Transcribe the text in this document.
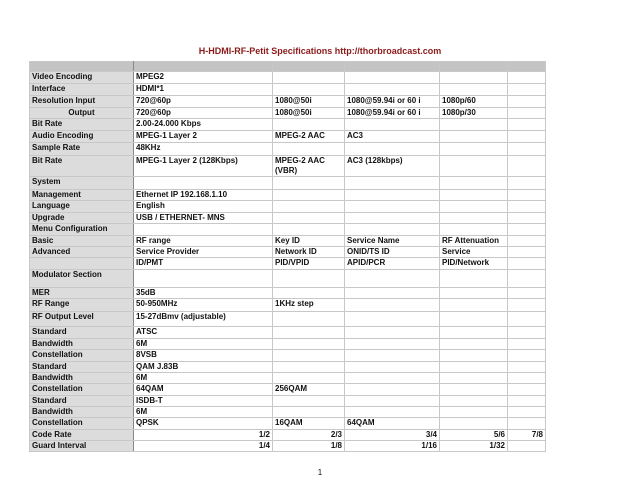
H-HDMI-RF-Petit Specifications http://thorbroadcast.com

Video Encoding	MPEG2				
Interface	HDMI*1				
Resolution Input	720@60p	1080@50i	1080@59.94i or 60 i	1080p/60	
Output	720@60p	1080@50i	1080@59.94i or 60 i	1080p/30	
Bit Rate	2.00-24.000 Kbps				
Audio Encoding	MPEG-1 Layer 2	MPEG-2 AAC	AC3		
Sample Rate	48KHz				
Bit Rate	MPEG-1 Layer 2 (128Kbps)	MPEG-2 AAC (VBR)	AC3 (128kbps)		
System					
Management	Ethernet IP 192.168.1.10				
Language	English				
Upgrade	USB / ETHERNET- MNS				
Menu Configuration					
Basic	RF range	Key ID	Service Name	RF Attenuation	
Advanced	Service Provider	Network ID	ONID/TS ID	Service	
	ID/PMT	PID/VPID	APID/PCR	PID/Network	
Modulator Section					
MER	35dB				
RF Range	50-950MHz	1KHz step			
RF Output Level	15-27dBmv (adjustable)				
Standard	ATSC				
Bandwidth	6M				
Constellation	8VSB				
Standard	QAM J.83B				
Bandwidth	6M				
Constellation	64QAM	256QAM			
Standard	ISDB-T				
Bandwidth	6M				
Constellation	QPSK	16QAM	64QAM		
Code Rate	1/2	2/3	3/4	5/6	7/8
Guard Interval	1/4	1/8	1/16	1/32	
1
